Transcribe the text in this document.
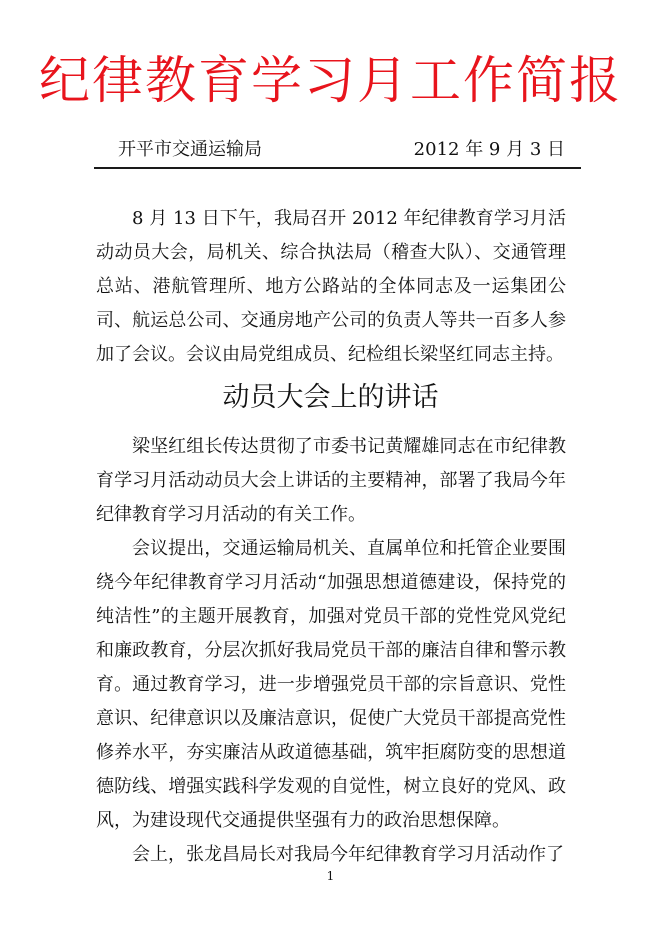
纪律教育学习月工作简报
开平市交通运输局	2012 年 9 月 3 日

8 月 13 日下午，我局召开 2012 年纪律教育学习月活动动员大会，局机关、综合执法局（稽查大队）、交通管理总站、港航管理所、地方公路站的全体同志及一运集团公司、航运总公司、交通房地产公司的负责人等共一百多人参加了会议。会议由局党组成员、纪检组长梁坚红同志主持。

动员大会上的讲话

梁坚红组长传达贯彻了市委书记黄耀雄同志在市纪律教育学习月活动动员大会上讲话的主要精神，部署了我局今年纪律教育学习月活动的有关工作。

会议提出，交通运输局机关、直属单位和托管企业要围绕今年纪律教育学习月活动“加强思想道德建设，保持党的纯洁性”的主题开展教育，加强对党员干部的党性党风党纪和廉政教育，分层次抓好我局党员干部的廉洁自律和警示教育。通过教育学习，进一步增强党员干部的宗旨意识、党性意识、纪律意识以及廉洁意识，促使广大党员干部提高党性修养水平，夯实廉洁从政道德基础，筑牢拒腐防变的思想道德防线、增强实践科学发观的自觉性，树立良好的党风、政风，为建设现代交通提供坚强有力的政治思想保障。

会上，张龙昌局长对我局今年纪律教育学习月活动作了

1
